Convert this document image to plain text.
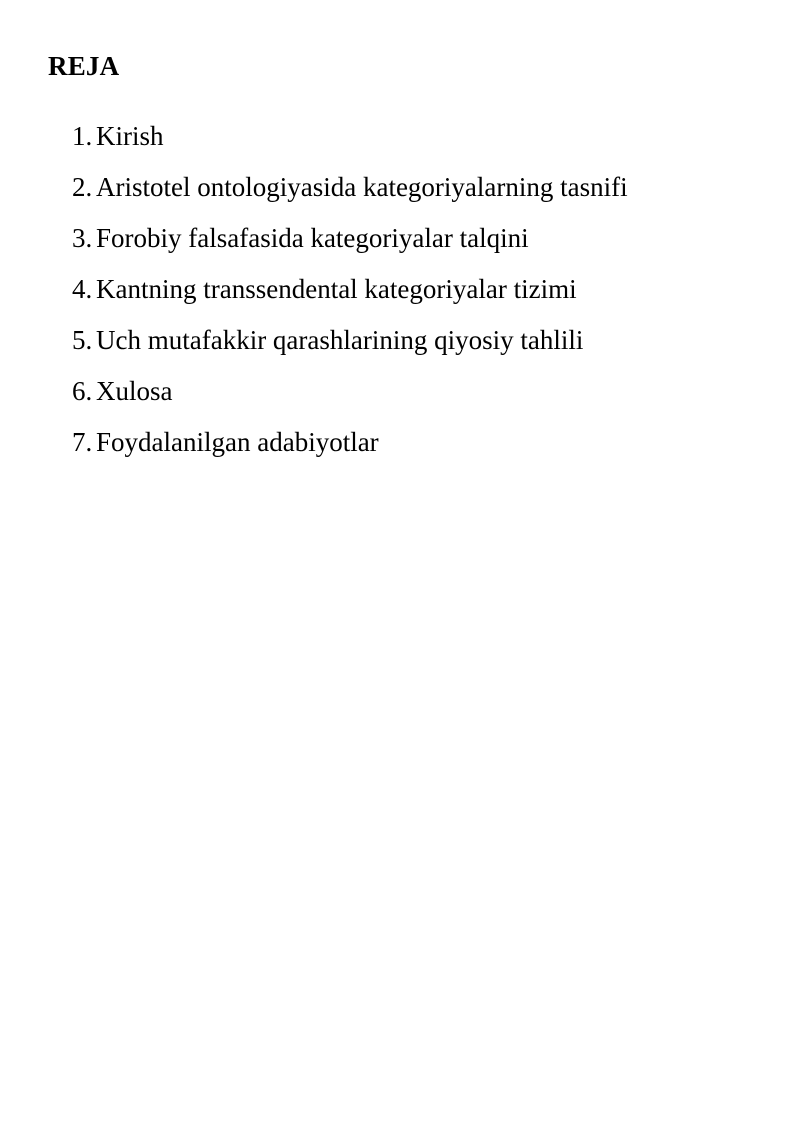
REJA
1. Kirish
2. Aristotel ontologiyasida kategoriyalarning tasnifi
3. Forobiy falsafasida kategoriyalar talqini
4. Kantning transsendental kategoriyalar tizimi
5. Uch mutafakkir qarashlarining qiyosiy tahlili
6. Xulosa
7. Foydalanilgan adabiyotlar
